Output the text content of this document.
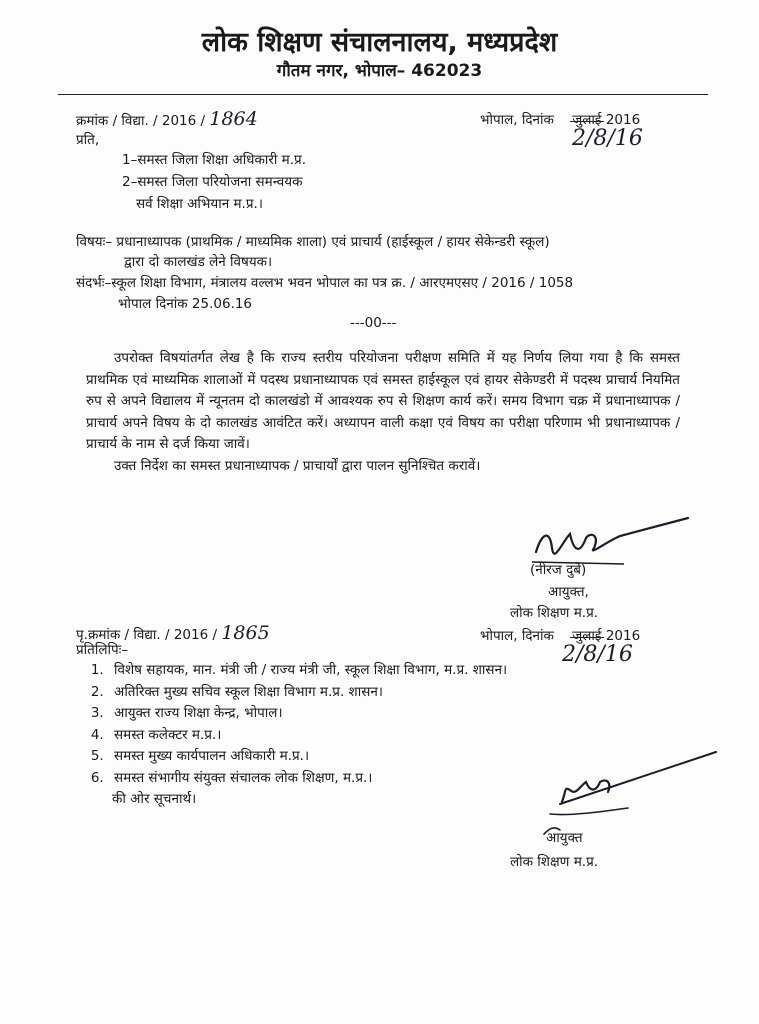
लोक शिक्षण संचालनालय, मध्यप्रदेश
गौतम नगर, भोपाल– 462023
क्रमांक / विद्या. / 2016 / 1864	भोपाल, दिनांक जुलाई 2016
2/8/16
प्रति,
1–समस्त जिला शिक्षा अधिकारी म.प्र.
2–समस्त जिला परियोजना समन्वयक
सर्व शिक्षा अभियान म.प्र.।
विषयः– प्रधानाध्यापक (प्राथमिक / माध्यमिक शाला) एवं प्राचार्य (हाईस्कूल / हायर सेकेन्डरी स्कूल)
द्वारा दो कालखंड लेने विषयक।
संदर्भः–स्कूल शिक्षा विभाग, मंत्रालय वल्लभ भवन भोपाल का पत्र क्र. / आरएमएसए / 2016 / 1058
भोपाल दिनांक 25.06.16
---00---

उपरोक्त विषयांतर्गत लेख है कि राज्य स्तरीय परियोजना परीक्षण समिति में यह निर्णय लिया गया है कि समस्त प्राथमिक एवं माध्यमिक शालाओं में पदस्थ प्रधानाध्यापक एवं समस्त हाईस्कूल एवं हायर सेकेण्डरी में पदस्थ प्राचार्य नियमित रुप से अपने विद्यालय में न्यूनतम दो कालखंडो में आवश्यक रुप से शिक्षण कार्य करें। समय विभाग चक्र में प्रधानाध्यापक / प्राचार्य अपने विषय के दो कालखंड आवंटित करें। अध्यापन वाली कक्षा एवं विषय का परीक्षा परिणाम भी प्रधानाध्यापक / प्राचार्य के नाम से दर्ज किया जावें।

उक्त निर्देश का समस्त प्रधानाध्यापक / प्राचार्यों द्वारा पालन सुनिश्चित करावें।

(नीरज दुबे)
आयुक्त,
लोक शिक्षण म.प्र.
पृ.क्रमांक / विद्या. / 2016 / 1865	भोपाल, दिनांक जुलाई 2016
2/8/16
प्रतिलिपिः–
1. विशेष सहायक, मान. मंत्री जी / राज्य मंत्री जी, स्कूल शिक्षा विभाग, म.प्र. शासन।
2. अतिरिक्त मुख्य सचिव स्कूल शिक्षा विभाग म.प्र. शासन।
3. आयुक्त राज्य शिक्षा केन्द्र, भोपाल।
4. समस्त कलेक्टर म.प्र.।
5. समस्त मुख्य कार्यपालन अधिकारी म.प्र.।
6. समस्त संभागीय संयुक्त संचालक लोक शिक्षण, म.प्र.।
की ओर सूचनार्थ।
आयुक्त
लोक शिक्षण म.प्र.
